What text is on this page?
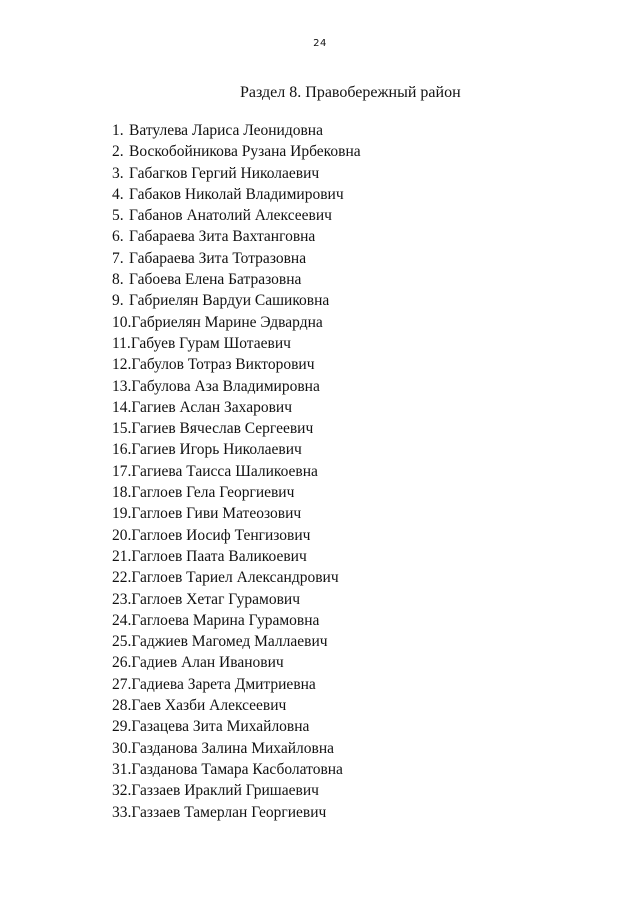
24
Раздел 8. Правобережный район
1. Ватулева Лариса Леонидовна
2. Воскобойникова Рузана Ирбековна
3. Габагков Гергий Николаевич
4. Габаков Николай Владимирович
5. Габанов Анатолий Алексеевич
6. Габараева Зита Вахтанговна
7. Габараева Зита Тотразовна
8. Габоева Елена Батразовна
9. Габриелян Вардуи Сашиковна
10. Габриелян Марине Эдвардна
11. Габуев Гурам Шотаевич
12. Габулов Тотраз Викторович
13. Габулова Аза Владимировна
14. Гагиев Аслан Захарович
15. Гагиев Вячеслав Сергеевич
16. Гагиев Игорь Николаевич
17. Гагиева Таисса Шаликоевна
18. Гаглоев Гела Георгиевич
19. Гаглоев Гиви Матеозович
20. Гаглоев Иосиф Тенгизович
21. Гаглоев Паата Валикоевич
22. Гаглоев Тариел Александрович
23. Гаглоев Хетаг Гурамович
24. Гаглоева Марина Гурамовна
25. Гаджиев Магомед Маллаевич
26. Гадиев Алан Иванович
27. Гадиева Зарета Дмитриевна
28. Гаев Хазби Алексеевич
29. Газацева Зита Михайловна
30. Газданова Залина Михайловна
31. Газданова Тамара Касболатовна
32. Газзаев Ираклий Гришаевич
33. Газзаев Тамерлан Георгиевич
